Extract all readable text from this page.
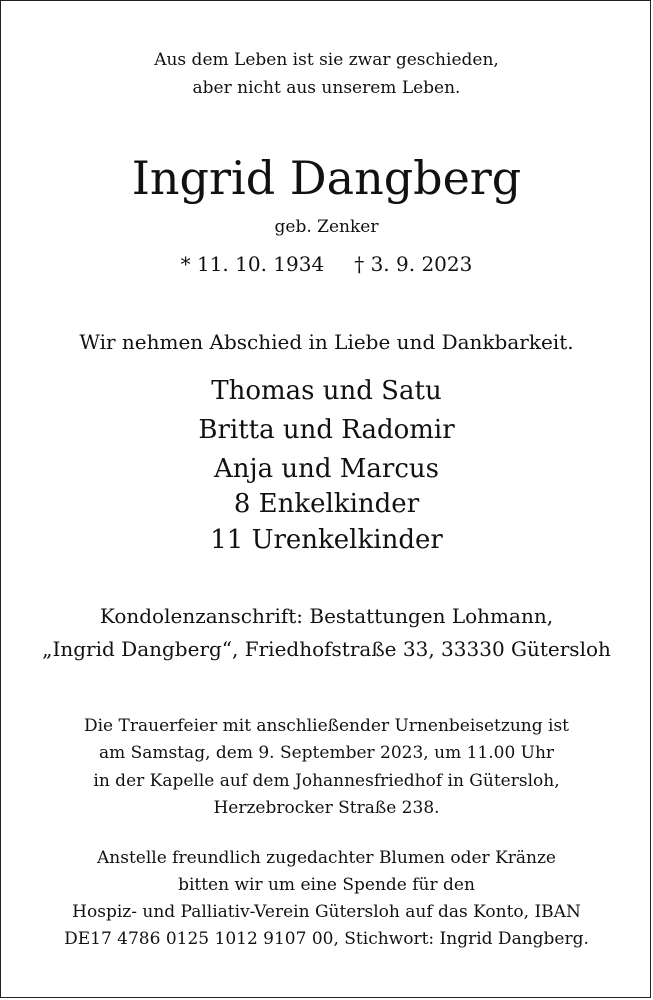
Aus dem Leben ist sie zwar geschieden,
aber nicht aus unserem Leben.
Ingrid Dangberg
geb. Zenker
* 11. 10. 1934 † 3. 9. 2023
Wir nehmen Abschied in Liebe und Dankbarkeit.
Thomas und Satu
Britta und Radomir
Anja und Marcus
8 Enkelkinder
11 Urenkelkinder
Kondolenzanschrift: Bestattungen Lohmann,
„Ingrid Dangberg“, Friedhofstraße 33, 33330 Gütersloh
Die Trauerfeier mit anschließender Urnenbeisetzung ist
am Samstag, dem 9. September 2023, um 11.00 Uhr
in der Kapelle auf dem Johannesfriedhof in Gütersloh,
Herzebrocker Straße 238.
Anstelle freundlich zugedachter Blumen oder Kränze
bitten wir um eine Spende für den
Hospiz- und Palliativ-Verein Gütersloh auf das Konto, IBAN
DE17 4786 0125 1012 9107 00, Stichwort: Ingrid Dangberg.
